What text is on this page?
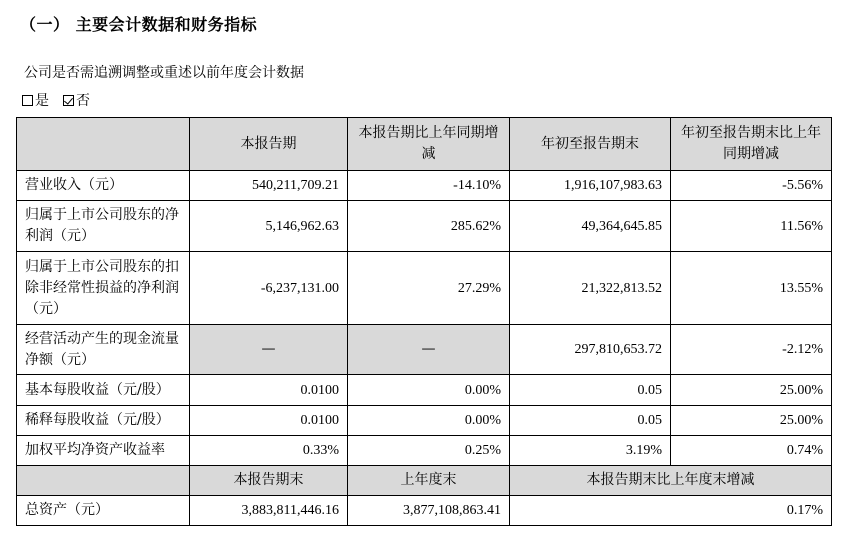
（一） 主要会计数据和财务指标
公司是否需追溯调整或重述以前年度会计数据
是 否
	本报告期	本报告期比上年同期增减	年初至报告期末	年初至报告期末比上年同期增减
营业收入（元）	540,211,709.21	-14.10%	1,916,107,983.63	-5.56%
归属于上市公司股东的净利润（元）	5,146,962.63	285.62%	49,364,645.85	11.56%
归属于上市公司股东的扣除非经常性损益的净利润（元）	-6,237,131.00	27.29%	21,322,813.52	13.55%
经营活动产生的现金流量净额（元）	—	—	297,810,653.72	-2.12%
基本每股收益（元/股）	0.0100	0.00%	0.05	25.00%
稀释每股收益（元/股）	0.0100	0.00%	0.05	25.00%
加权平均净资产收益率	0.33%	0.25%	3.19%	0.74%
	本报告期末	上年度末	本报告期末比上年度末增减	
总资产（元）	3,883,811,446.16	3,877,108,863.41	0.17%	
